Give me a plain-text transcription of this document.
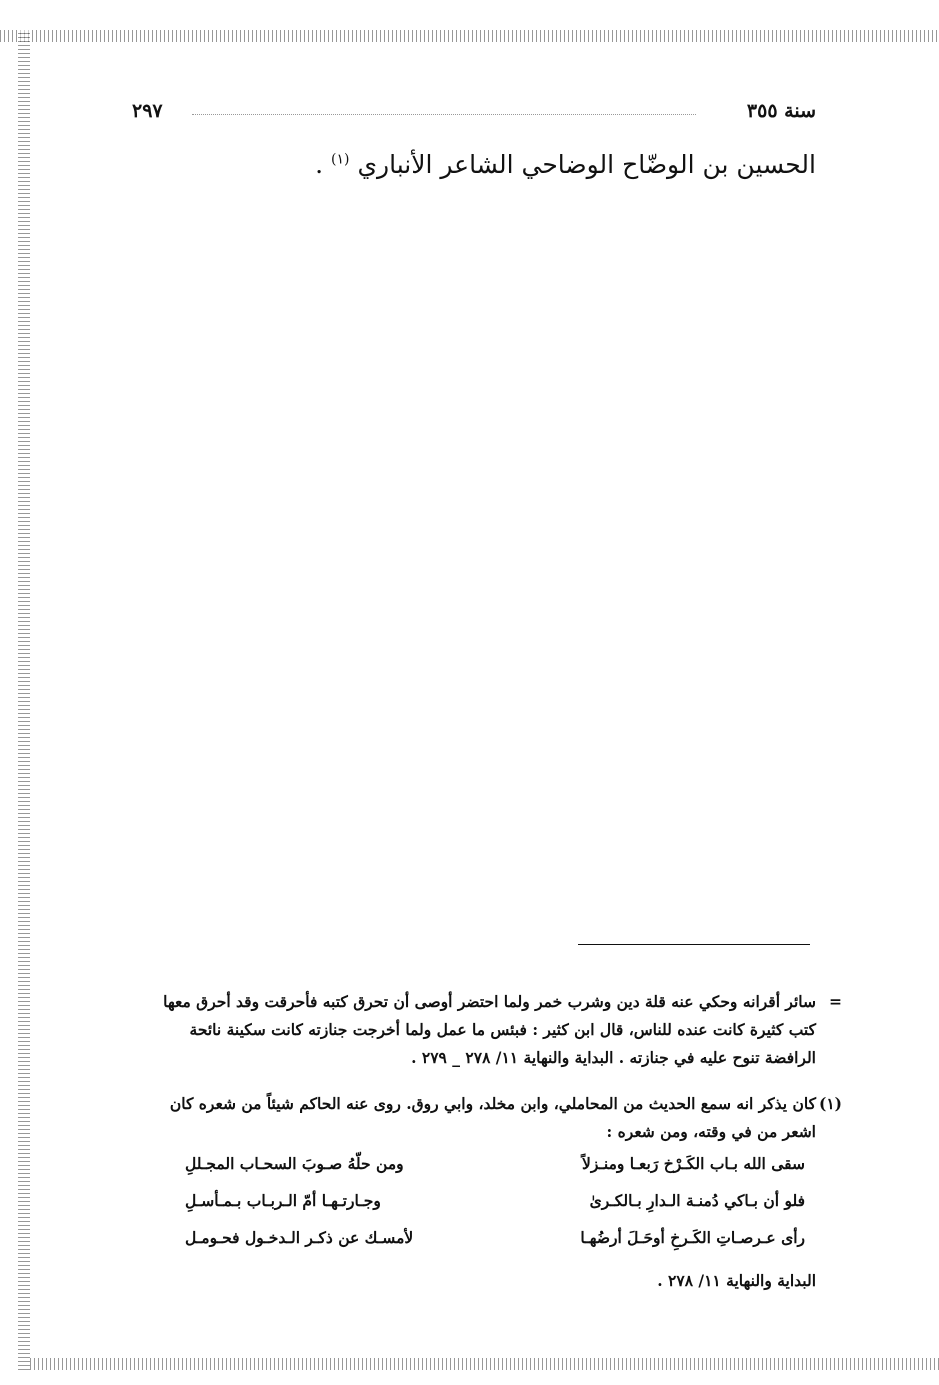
سنة ٣٥٥
٢٩٧
الحسين بن الوضّاح الوضاحي الشاعر الأنباري $^{(١)}$ .
=
سائر أقرانه وحكي عنه قلة دين وشرب خمر ولما احتضر أوصى أن تحرق كتبه فأحرقت وقد أحرق معها
كتب كثيرة كانت عنده للناس، قال ابن كثير : فبئس ما عمل ولما أخرجت جنازته كانت سكينة نائحة
الرافضة تنوح عليه في جنازته . البداية والنهاية ١١/ ٢٧٨ _ ٢٧٩ .
(١)
كان يذكر انه سمع الحديث من المحاملي، وابن مخلد، وابي روق. روى عنه الحاكم شيئاً من شعره كان
اشعر من في وقته، ومن شعره :
سقى الله بـاب الكَـرْخ رَبعـا ومنـزلاً
ومن حلّهُ صـوبَ السحـاب المجـللِ
فلو أن بـاكي دُمنـة الـدارِ بـالكـرىٰ
وجـارتـهـا أمّ الـربـاب بـمـأسـلِ
رأى عـرصـاتِ الكَـرخِ أوحَـلَ أرضُهـا
لأمسـك عن ذكـر الـدخـول فحـومـل
البداية والنهاية ١١/ ٢٧٨ .
